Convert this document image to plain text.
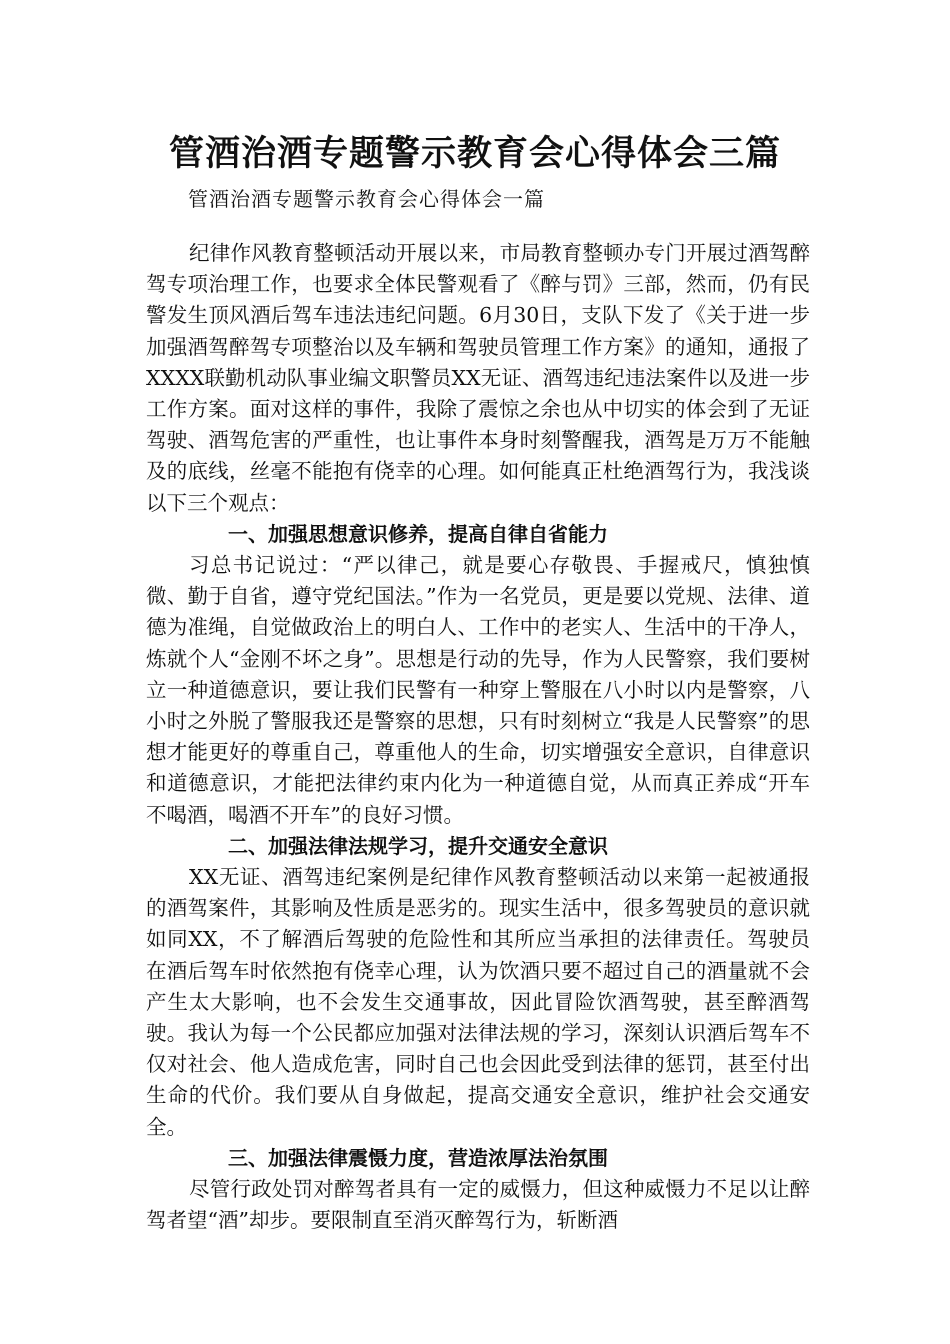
管酒治酒专题警示教育会心得体会三篇

管酒治酒专题警示教育会心得体会一篇

纪律作风教育整顿活动开展以来，市局教育整顿办专门开展过酒驾醉驾专项治理工作，也要求全体民警观看了《醉与罚》三部，然而，仍有民警发生顶风酒后驾车违法违纪问题。6月30日，支队下发了《关于进一步加强酒驾醉驾专项整治以及车辆和驾驶员管理工作方案》的通知，通报了XXXX联勤机动队事业编文职警员XX无证、酒驾违纪违法案件以及进一步工作方案。面对这样的事件，我除了震惊之余也从中切实的体会到了无证驾驶、酒驾危害的严重性，也让事件本身时刻警醒我，酒驾是万万不能触及的底线，丝毫不能抱有侥幸的心理。如何能真正杜绝酒驾行为，我浅谈以下三个观点：

一、加强思想意识修养，提高自律自省能力

习总书记说过：“严以律己，就是要心存敬畏、手握戒尺，慎独慎微、勤于自省，遵守党纪国法。”作为一名党员，更是要以党规、法律、道德为准绳，自觉做政治上的明白人、工作中的老实人、生活中的干净人，炼就个人“金刚不坏之身”。思想是行动的先导，作为人民警察，我们要树立一种道德意识，要让我们民警有一种穿上警服在八小时以内是警察，八小时之外脱了警服我还是警察的思想，只有时刻树立“我是人民警察”的思想才能更好的尊重自己，尊重他人的生命，切实增强安全意识，自律意识和道德意识，才能把法律约束内化为一种道德自觉，从而真正养成“开车不喝酒，喝酒不开车”的良好习惯。

二、加强法律法规学习，提升交通安全意识

XX无证、酒驾违纪案例是纪律作风教育整顿活动以来第一起被通报的酒驾案件，其影响及性质是恶劣的。现实生活中，很多驾驶员的意识就如同XX，不了解酒后驾驶的危险性和其所应当承担的法律责任。驾驶员在酒后驾车时依然抱有侥幸心理，认为饮酒只要不超过自己的酒量就不会产生太大影响，也不会发生交通事故，因此冒险饮酒驾驶，甚至醉酒驾驶。我认为每一个公民都应加强对法律法规的学习，深刻认识酒后驾车不仅对社会、他人造成危害，同时自己也会因此受到法律的惩罚，甚至付出生命的代价。我们要从自身做起，提高交通安全意识，维护社会交通安全。

三、加强法律震慑力度，营造浓厚法治氛围

尽管行政处罚对醉驾者具有一定的威慑力，但这种威慑力不足以让醉驾者望“酒”却步。要限制直至消灭醉驾行为，斩断酒
